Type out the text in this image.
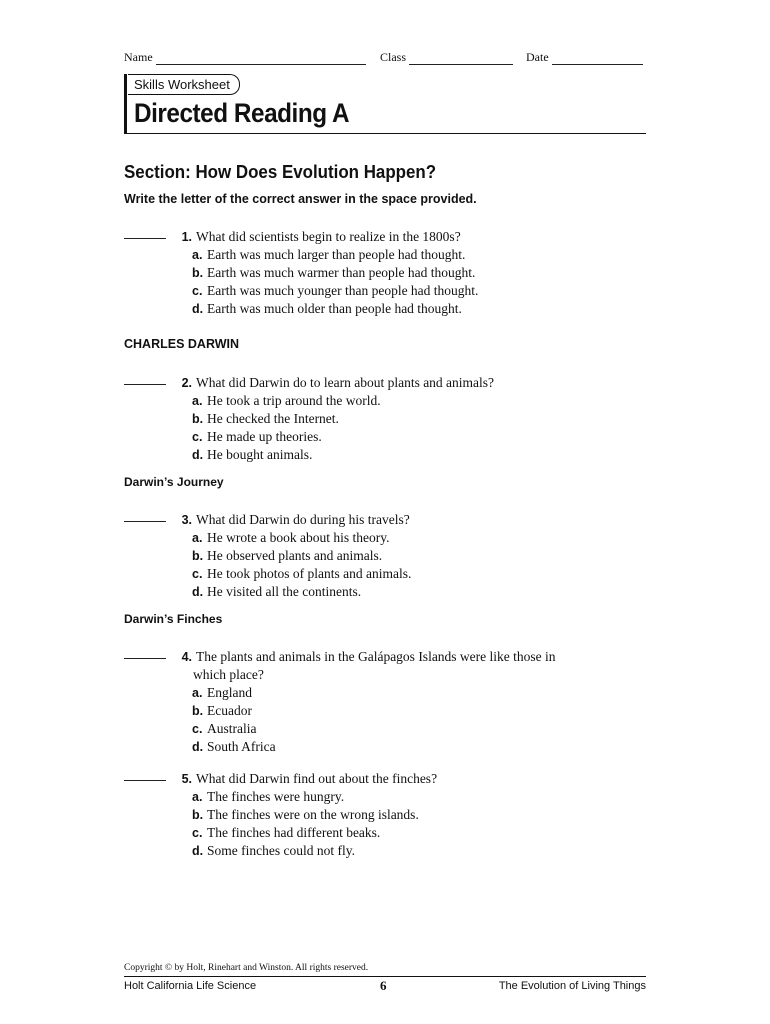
Name	Class	Date
Skills Worksheet
Directed Reading A
Section: How Does Evolution Happen?
Write the letter of the correct answer in the space provided.
1. What did scientists begin to realize in the 1800s?
a. Earth was much larger than people had thought.
b. Earth was much warmer than people had thought.
c. Earth was much younger than people had thought.
d. Earth was much older than people had thought.
CHARLES DARWIN
2. What did Darwin do to learn about plants and animals?
a. He took a trip around the world.
b. He checked the Internet.
c. He made up theories.
d. He bought animals.
Darwin’s Journey
3. What did Darwin do during his travels?
a. He wrote a book about his theory.
b. He observed plants and animals.
c. He took photos of plants and animals.
d. He visited all the continents.
Darwin’s Finches
4. The plants and animals in the Galápagos Islands were like those in
which place?
a. England
b. Ecuador
c. Australia
d. South Africa
5. What did Darwin find out about the finches?
a. The finches were hungry.
b. The finches were on the wrong islands.
c. The finches had different beaks.
d. Some finches could not fly.
Copyright © by Holt, Rinehart and Winston. All rights reserved.
Holt California Life Science	6	The Evolution of Living Things
